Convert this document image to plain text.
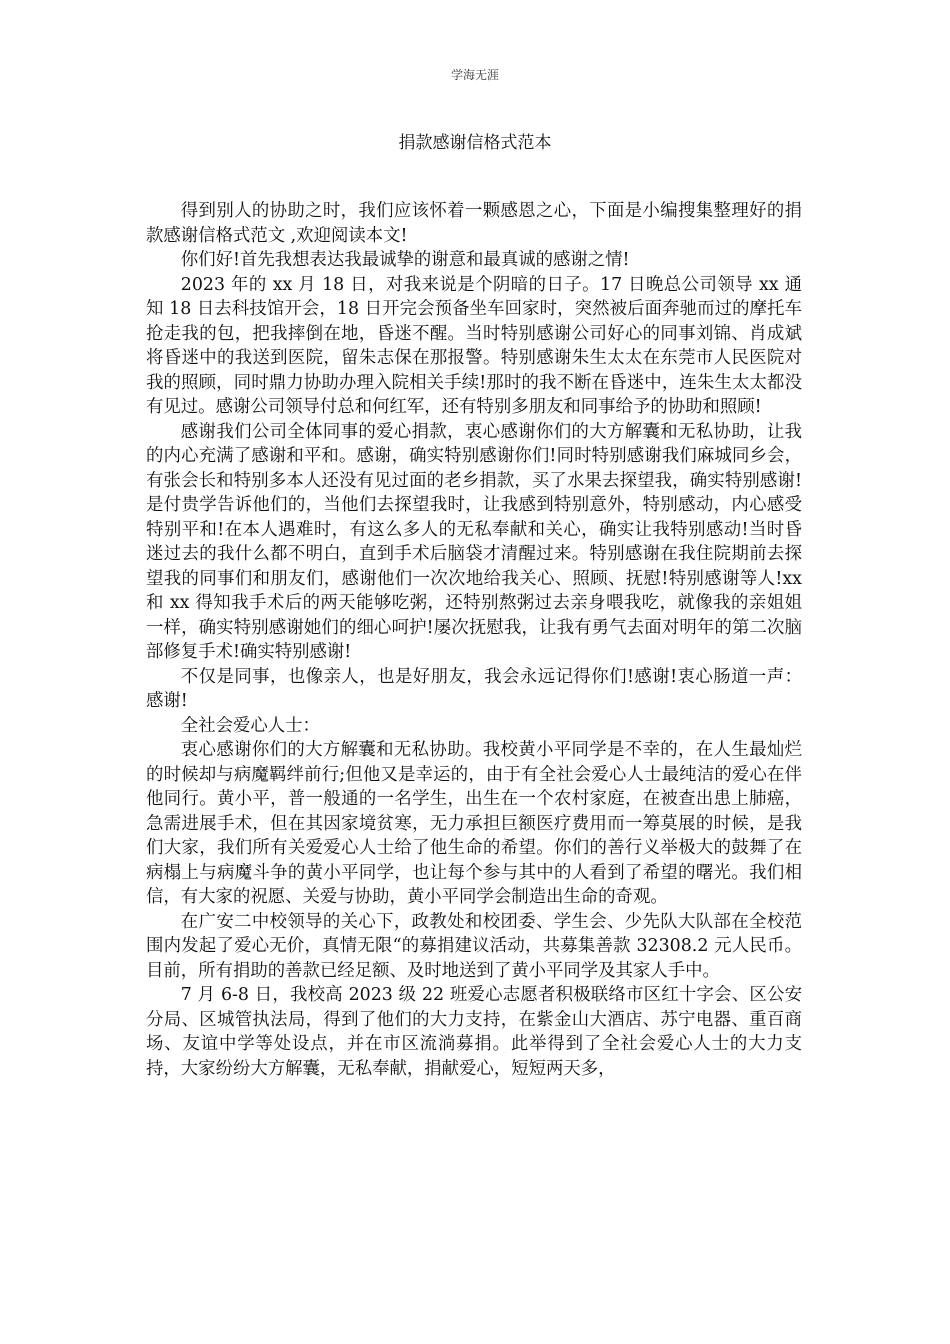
学海无涯
捐款感谢信格式范本

得到别人的协助之时，我们应该怀着一颗感恩之心，下面是小编搜集整理好的捐款感谢信格式范文 ,欢迎阅读本文!

你们好!首先我想表达我最诚挚的谢意和最真诚的感谢之情!

2023 年的 xx 月 18 日，对我来说是个阴暗的日子。17 日晚总公司领导 xx 通知 18 日去科技馆开会，18 日开完会预备坐车回家时，突然被后面奔驰而过的摩托车抢走我的包，把我摔倒在地，昏迷不醒。当时特别感谢公司好心的同事刘锦、肖成斌将昏迷中的我送到医院，留朱志保在那报警。特别感谢朱生太太在东莞市人民医院对我的照顾，同时鼎力协助办理入院相关手续!那时的我不断在昏迷中，连朱生太太都没有见过。感谢公司领导付总和何红军，还有特别多朋友和同事给予的协助和照顾!

感谢我们公司全体同事的爱心捐款，衷心感谢你们的大方解囊和无私协助，让我的内心充满了感谢和平和。感谢，确实特别感谢你们!同时特别感谢我们麻城同乡会，有张会长和特别多本人还没有见过面的老乡捐款，买了水果去探望我，确实特别感谢!是付贵学告诉他们的，当他们去探望我时，让我感到特别意外，特别感动，内心感受特别平和!在本人遇难时，有这么多人的无私奉献和关心，确实让我特别感动!当时昏迷过去的我什么都不明白，直到手术后脑袋才清醒过来。特别感谢在我住院期前去探望我的同事们和朋友们，感谢他们一次次地给我关心、照顾、抚慰!特别感谢等人!xx 和 xx 得知我手术后的两天能够吃粥，还特别熬粥过去亲身喂我吃，就像我的亲姐姐一样，确实特别感谢她们的细心呵护!屡次抚慰我，让我有勇气去面对明年的第二次脑部修复手术!确实特别感谢!

不仅是同事，也像亲人，也是好朋友，我会永远记得你们!感谢!衷心肠道一声：感谢!

全社会爱心人士：

衷心感谢你们的大方解囊和无私协助。我校黄小平同学是不幸的，在人生最灿烂的时候却与病魔羁绊前行;但他又是幸运的，由于有全社会爱心人士最纯洁的爱心在伴他同行。黄小平，普一般通的一名学生，出生在一个农村家庭，在被查出患上肺癌，急需进展手术，但在其因家境贫寒，无力承担巨额医疗费用而一筹莫展的时候，是我们大家，我们所有关爱爱心人士给了他生命的希望。你们的善行义举极大的鼓舞了在病榻上与病魔斗争的黄小平同学，也让每个参与其中的人看到了希望的曙光。我们相信，有大家的祝愿、关爱与协助，黄小平同学会制造出生命的奇观。

在广安二中校领导的关心下，政教处和校团委、学生会、少先队大队部在全校范围内发起了爱心无价，真情无限“的募捐建议活动，共募集善款 32308.2 元人民币。目前，所有捐助的善款已经足额、及时地送到了黄小平同学及其家人手中。

7 月 6-8 日，我校高 2023 级 22 班爱心志愿者积极联络市区红十字会、区公安分局、区城管执法局，得到了他们的大力支持，在紫金山大酒店、苏宁电器、重百商场、友谊中学等处设点，并在市区流淌募捐。此举得到了全社会爱心人士的大力支持，大家纷纷大方解囊，无私奉献，捐献爱心，短短两天多，
